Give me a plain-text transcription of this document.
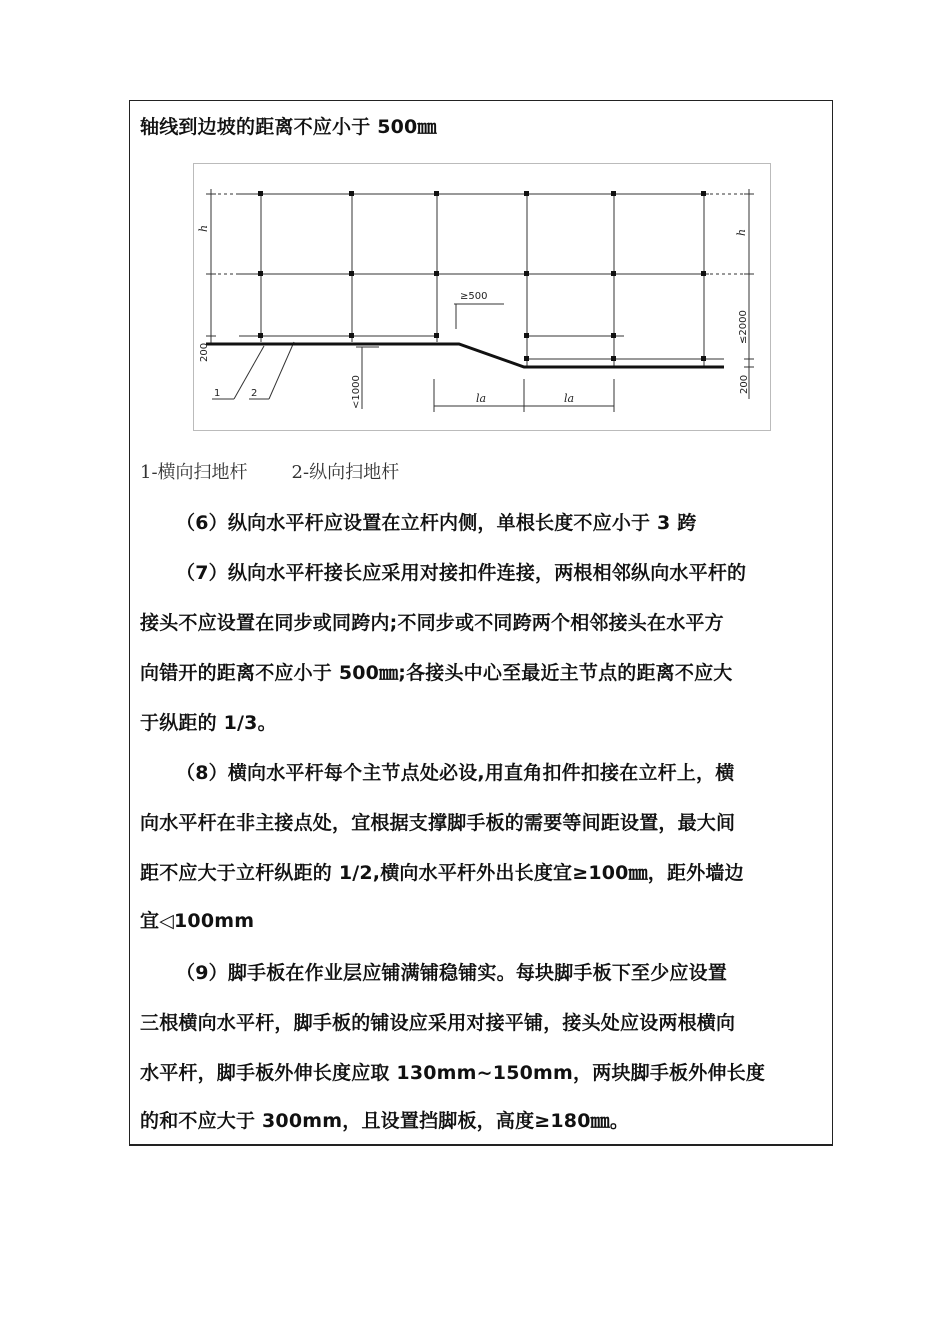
轴线到边坡的距离不应小于 500㎜
h
h
≥500
≤2000
<1000
200
200
la	la
1	2
1-横向扫地杆 2-纵向扫地杆
（6）纵向水平杆应设置在立杆内侧，单根长度不应小于 3 跨
（7）纵向水平杆接长应采用对接扣件连接，两根相邻纵向水平杆的
接头不应设置在同步或同跨内;不同步或不同跨两个相邻接头在水平方
向错开的距离不应小于 500㎜;各接头中心至最近主节点的距离不应大
于纵距的 1/3。
（8）横向水平杆每个主节点处必设,用直角扣件扣接在立杆上，横
向水平杆在非主接点处，宜根据支撑脚手板的需要等间距设置，最大间
距不应大于立杆纵距的 1/2,横向水平杆外出长度宜≥100㎜，距外墙边
宜◁100mm
（9）脚手板在作业层应铺满铺稳铺实。每块脚手板下至少应设置
三根横向水平杆，脚手板的铺设应采用对接平铺，接头处应设两根横向
水平杆，脚手板外伸长度应取 130mm~150mm，两块脚手板外伸长度
的和不应大于 300mm，且设置挡脚板，高度≥180㎜。
